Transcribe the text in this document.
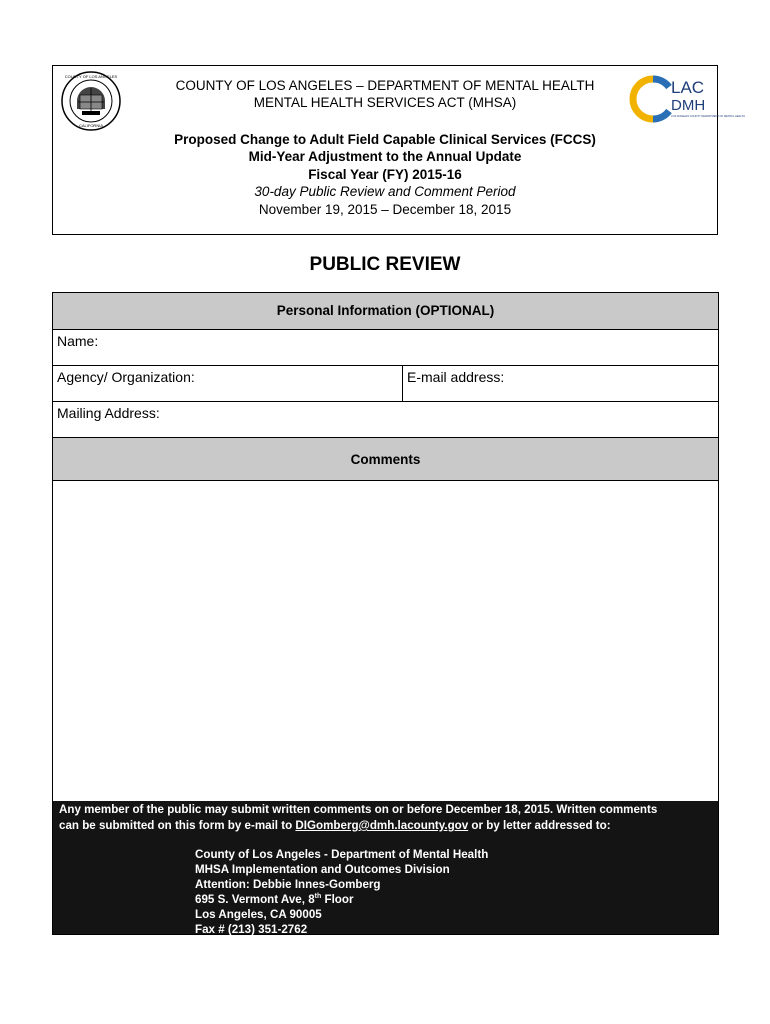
COUNTY OF LOS ANGELES
CALIFORNIA
COUNTY OF LOS ANGELES – DEPARTMENT OF MENTAL HEALTH
MENTAL HEALTH SERVICES ACT (MHSA)
Proposed Change to Adult Field Capable Clinical Services (FCCS)
Mid-Year Adjustment to the Annual Update
Fiscal Year (FY) 2015-16
30-day Public Review and Comment Period
November 19, 2015 – December 18, 2015
LAC
DMH
LOS ANGELES COUNTY DEPARTMENT OF MENTAL HEALTH
PUBLIC REVIEW
Personal Information (OPTIONAL)
Name:
Agency/ Organization:	E-mail address:
Mailing Address:
Comments
Any member of the public may submit written comments on or before December 18, 2015. Written comments
can be submitted on this form by e-mail to DIGomberg@dmh.lacounty.gov or by letter addressed to:
County of Los Angeles - Department of Mental Health
MHSA Implementation and Outcomes Division
Attention: Debbie Innes-Gomberg
695 S. Vermont Ave, 8th Floor
Los Angeles, CA 90005
Fax # (213) 351-2762
